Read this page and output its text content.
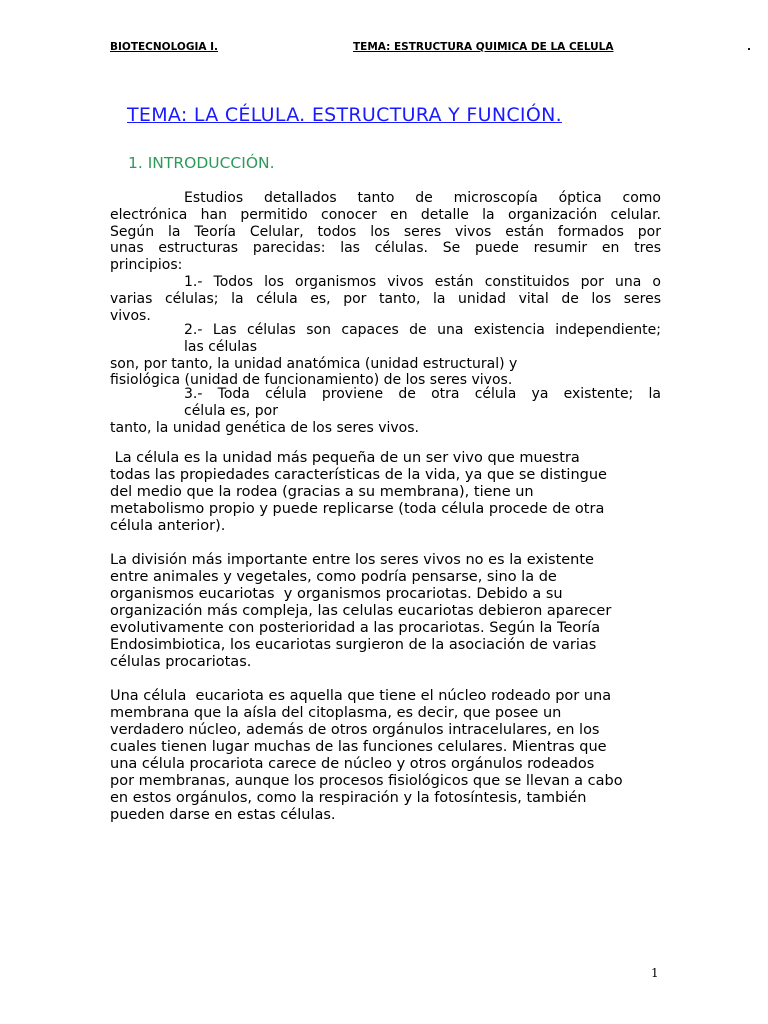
BIOTECNOLOGIA I.	TEMA: ESTRUCTURA QUIMICA DE LA CELULA	.
TEMA: LA CÉLULA. ESTRUCTURA Y FUNCIÓN.
1. INTRODUCCIÓN.
Estudios detallados tanto de microscopía óptica como
electrónica han permitido conocer en detalle la organización celular.
Según la Teoría Celular, todos los seres vivos están formados por
unas estructuras parecidas: las células. Se puede resumir en tres
principios:
1.- Todos los organismos vivos están constituidos por una o
varias células; la célula es, por tanto, la unidad vital de los seres
vivos.
2.- Las células son capaces de una existencia independiente;
las células
son, por tanto, la unidad anatómica (unidad estructural) y
fisiológica (unidad de funcionamiento) de los seres vivos.
3.- Toda célula proviene de otra célula ya existente; la
célula es, por
tanto, la unidad genética de los seres vivos.
La célula es la unidad más pequeña de un ser vivo que muestra
todas las propiedades características de la vida, ya que se distingue
del medio que la rodea (gracias a su membrana), tiene un
metabolismo propio y puede replicarse (toda célula procede de otra
célula anterior).
La división más importante entre los seres vivos no es la existente
entre animales y vegetales, como podría pensarse, sino la de
organismos eucariotas  y organismos procariotas. Debido a su
organización más compleja, las celulas eucariotas debieron aparecer
evolutivamente con posterioridad a las procariotas. Según la Teoría
Endosimbiotica, los eucariotas surgieron de la asociación de varias
células procariotas.
Una célula  eucariota es aquella que tiene el núcleo rodeado por una
membrana que la aísla del citoplasma, es decir, que posee un
verdadero núcleo, además de otros orgánulos intracelulares, en los
cuales tienen lugar muchas de las funciones celulares. Mientras que
una célula procariota carece de núcleo y otros orgánulos rodeados
por membranas, aunque los procesos fisiológicos que se llevan a cabo
en estos orgánulos, como la respiración y la fotosíntesis, también
pueden darse en estas células.
1
